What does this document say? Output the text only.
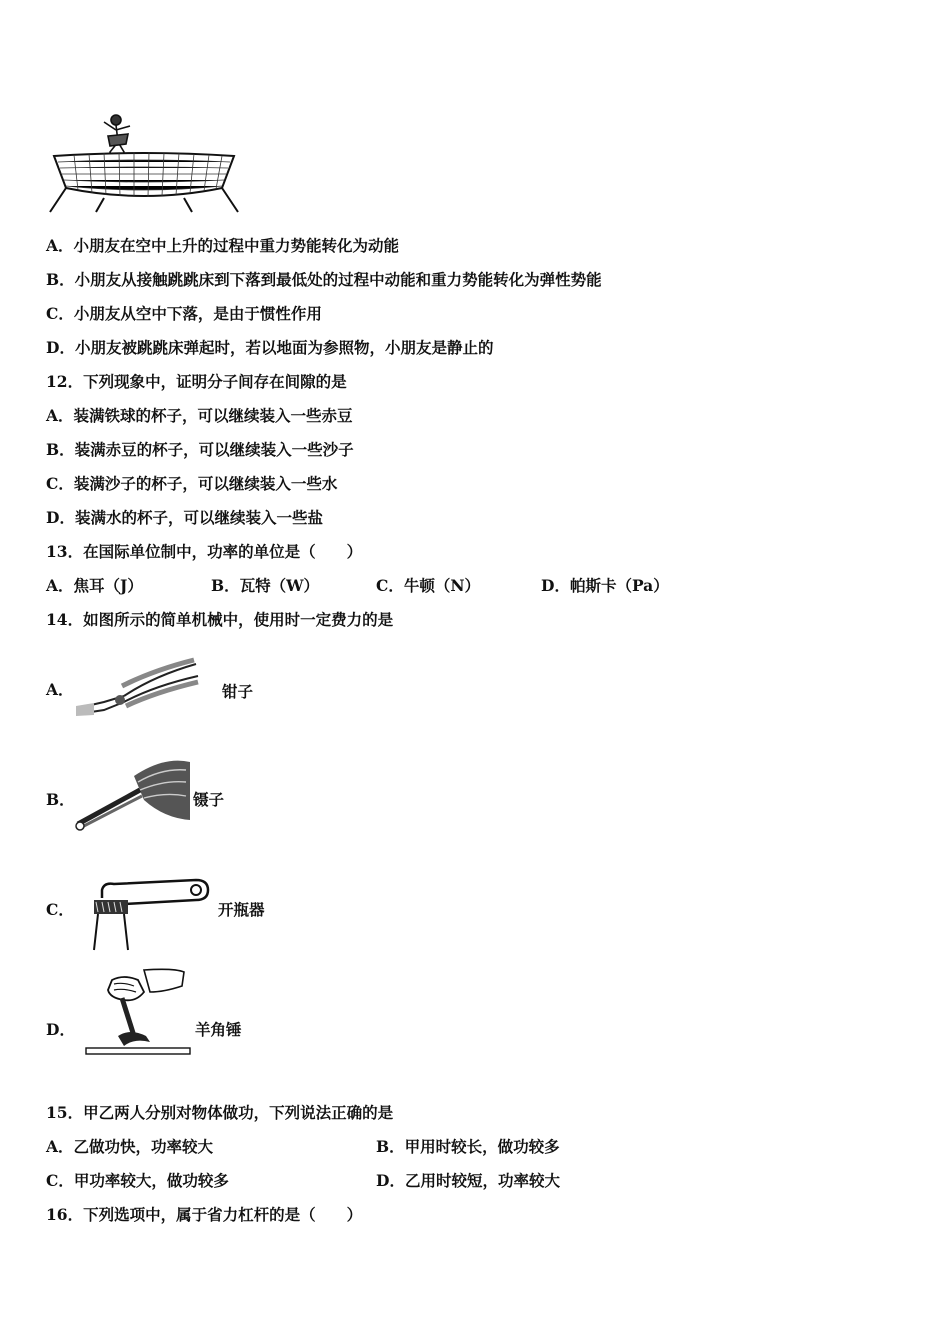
A．小朋友在空中上升的过程中重力势能转化为动能
B．小朋友从接触跳跳床到下落到最低处的过程中动能和重力势能转化为弹性势能
C．小朋友从空中下落，是由于惯性作用
D．小朋友被跳跳床弹起时，若以地面为参照物，小朋友是静止的
12．下列现象中，证明分子间存在间隙的是
A．装满铁球的杯子，可以继续装入一些赤豆
B．装满赤豆的杯子，可以继续装入一些沙子
C．装满沙子的杯子，可以继续装入一些水
D．装满水的杯子，可以继续装入一些盐
13．在国际单位制中，功率的单位是（　　）
A．焦耳（J）	B．瓦特（W）	C．牛顿（N）	D．帕斯卡（Pa）
14．如图所示的简单机械中，使用时一定费力的是
A．	钳子
B．	镊子
C．	开瓶器
D．	羊角锤
15．甲乙两人分别对物体做功，下列说法正确的是
A．乙做功快，功率较大	B．甲用时较长，做功较多
C．甲功率较大，做功较多	D．乙用时较短，功率较大
16．下列选项中，属于省力杠杆的是（　　）
